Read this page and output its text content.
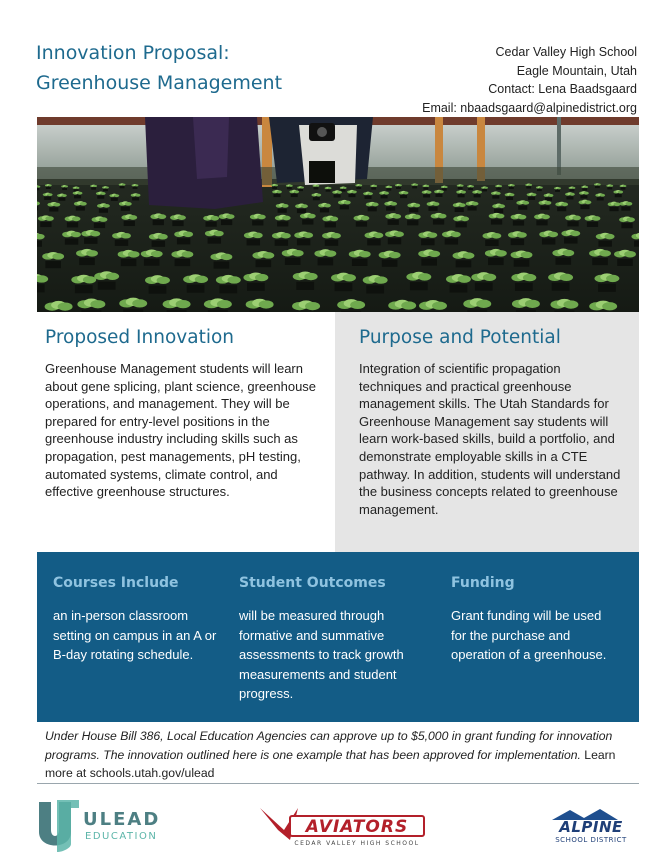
Innovation Proposal:
Greenhouse Management
Cedar Valley High School
Eagle Mountain, Utah
Contact: Lena Baadsgaard
Email: nbaadsgaard@alpinedistrict.org
Proposed Innovation
Greenhouse Management students will learn about gene splicing, plant science, greenhouse operations, and management. They will be prepared for entry-level positions in the greenhouse industry including skills such as propagation, pest managements, pH testing, automated systems, climate control, and effective greenhouse structures.
Purpose and Potential
Integration of scientific propagation techniques and practical greenhouse management skills. The Utah Standards for Greenhouse Management say students will learn work-based skills, build a portfolio, and demonstrate employable skills in a CTE pathway. In addition, students will understand the business concepts related to greenhouse management.
Courses Include
an in-person classroom setting on campus in an A or B-day rotating schedule.
Student Outcomes
will be measured through formative and summative assessments to track growth measurements and student progress.
Funding
Grant funding will be used for the purchase and operation of a greenhouse.
Under House Bill 386, Local Education Agencies can approve up to $5,000 in grant funding for innovation programs. The innovation outlined here is one example that has been approved for implementation. Learn more at schools.utah.gov/ulead
ULEAD
EDUCATION	AVIATORS
CEDAR VALLEY HIGH SCHOOL
ALPINE
SCHOOL DISTRICT
